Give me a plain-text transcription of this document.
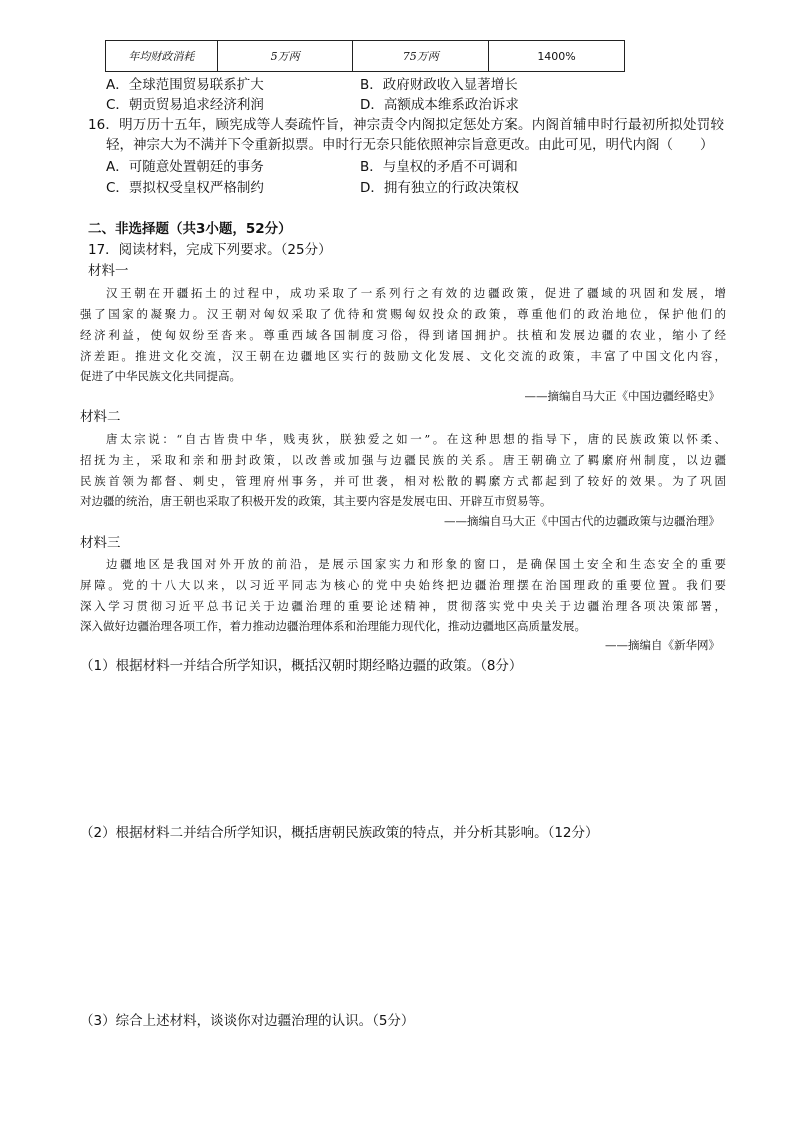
年均财政消耗	5万两	75万两	1400%
A．全球范围贸易联系扩大	B．政府财政收入显著增长
C．朝贡贸易追求经济利润	D．高额成本维系政治诉求
16．明万历十五年，顾宪成等人奏疏忤旨，神宗责令内阁拟定惩处方案。内阁首辅申时行最初所拟处罚较
轻，神宗大为不满并下令重新拟票。申时行无奈只能依照神宗旨意更改。由此可见，明代内阁（　　）
A．可随意处置朝廷的事务	B．与皇权的矛盾不可调和
C．票拟权受皇权严格制约	D．拥有独立的行政决策权
二、非选择题（共3小题，52分）
17．阅读材料，完成下列要求。（25分）
材料一
汉王朝在开疆拓土的过程中，成功采取了一系列行之有效的边疆政策，促进了疆域的巩固和发展，增
强了国家的凝聚力。汉王朝对匈奴采取了优待和赏赐匈奴投众的政策，尊重他们的政治地位，保护他们的
经济利益，使匈奴纷至沓来。尊重西域各国制度习俗，得到诸国拥护。扶植和发展边疆的农业，缩小了经
济差距。推进文化交流，汉王朝在边疆地区实行的鼓励文化发展、文化交流的政策，丰富了中国文化内容，
促进了中华民族文化共同提高。
——摘编自马大正《中国边疆经略史》
材料二
唐太宗说：“自古皆贵中华，贱夷狄，朕独爱之如一”。在这种思想的指导下，唐的民族政策以怀柔、
招抚为主，采取和亲和册封政策，以改善或加强与边疆民族的关系。唐王朝确立了羁縻府州制度，以边疆
民族首领为都督、刺史，管理府州事务，并可世袭，相对松散的羁縻方式都起到了较好的效果。为了巩固
对边疆的统治，唐王朝也采取了积极开发的政策，其主要内容是发展屯田、开辟互市贸易等。
——摘编自马大正《中国古代的边疆政策与边疆治理》
材料三
边疆地区是我国对外开放的前沿，是展示国家实力和形象的窗口，是确保国土安全和生态安全的重要
屏障。党的十八大以来，以习近平同志为核心的党中央始终把边疆治理摆在治国理政的重要位置。我们要
深入学习贯彻习近平总书记关于边疆治理的重要论述精神，贯彻落实党中央关于边疆治理各项决策部署，
深入做好边疆治理各项工作，着力推动边疆治理体系和治理能力现代化，推动边疆地区高质量发展。
——摘编自《新华网》
（1）根据材料一并结合所学知识，概括汉朝时期经略边疆的政策。（8分）
（2）根据材料二并结合所学知识，概括唐朝民族政策的特点，并分析其影响。（12分）
（3）综合上述材料，谈谈你对边疆治理的认识。（5分）
